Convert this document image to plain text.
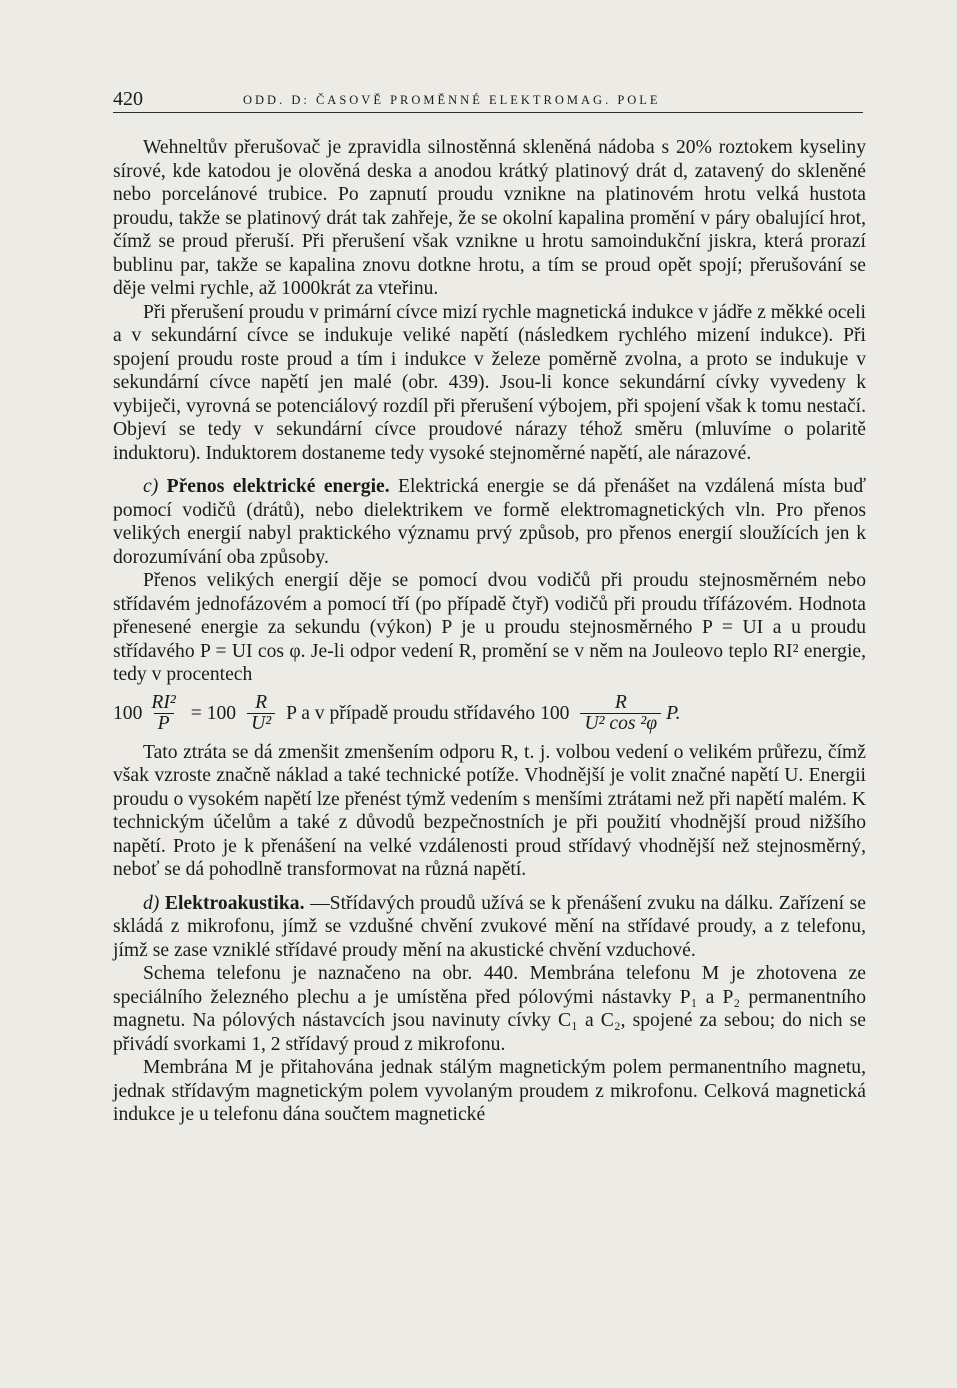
420	ODD. D: ČASOVĚ PROMĚNNÉ ELEKTROMAG. POLE

Wehneltův přerušovač je zpravidla silnostěnná skleněná nádoba s 20% roztokem kyseliny sírové, kde katodou je olověná deska a anodou krátký platinový drát d, zatavený do skleněné nebo porcelánové trubice. Po zapnutí proudu vznikne na platinovém hrotu velká hustota proudu, takže se platinový drát tak zahřeje, že se okolní kapalina promění v páry obalující hrot, čímž se proud přeruší. Při přerušení však vznikne u hrotu samoindukční jiskra, která prorazí bublinu par, takže se kapalina znovu dotkne hrotu, a tím se proud opět spojí; přerušování se děje velmi rychle, až 1000krát za vteřinu.

Při přerušení proudu v primární cívce mizí rychle magnetická indukce v jádře z měkké oceli a v sekundární cívce se indukuje veliké napětí (následkem rychlého mizení indukce). Při spojení proudu roste proud a tím i indukce v železe poměrně zvolna, a proto se indukuje v sekundární cívce napětí jen malé (obr. 439). Jsou-li konce sekundární cívky vyvedeny k vybiječi, vyrovná se potenciálový rozdíl při přerušení výbojem, při spojení však k tomu nestačí. Objeví se tedy v sekundární cívce proudové nárazy téhož směru (mluvíme o polaritě induktoru). Induktorem dostaneme tedy vysoké stejnoměrné napětí, ale nárazové.

c) Přenos elektrické energie. Elektrická energie se dá přenášet na vzdálená místa buď pomocí vodičů (drátů), nebo dielektrikem ve formě elektromagnetických vln. Pro přenos velikých energií nabyl praktického významu prvý způsob, pro přenos energií sloužících jen k dorozumívání oba způsoby.

Přenos velikých energií děje se pomocí dvou vodičů při proudu stejnosměrném nebo střídavém jednofázovém a pomocí tří (po případě čtyř) vodičů při proudu třífázovém. Hodnota přenesené energie za sekundu (výkon) P je u proudu stejnosměrného P = UI a u proudu střídavého P = UI cos φ. Je-li odpor vedení R, promění se v něm na Jouleovo teplo RI² energie, tedy v procentech

$100 \frac{\text{RI²}}{P} = 100 \frac{R}{\text{U²}}$ P a v případě proudu střídavého $100 \frac{R}{\text{U² cos ²φ}} P$.

Tato ztráta se dá zmenšit zmenšením odporu R, t. j. volbou vedení o velikém průřezu, čímž však vzroste značně náklad a také technické potíže. Vhodnější je volit značné napětí U. Energii proudu o vysokém napětí lze přenést týmž vedením s menšími ztrátami než při napětí malém. K technickým účelům a také z důvodů bezpečnostních je při použití vhodnější proud nižšího napětí. Proto je k přenášení na velké vzdálenosti proud střídavý vhodnější než stejnosměrný, neboť se dá pohodlně transformovat na různá napětí.

d) Elektroakustika. —Střídavých proudů užívá se k přenášení zvuku na dálku. Zařízení se skládá z mikrofonu, jímž se vzdušné chvění zvukové mění na střídavé proudy, a z telefonu, jímž se zase vzniklé střídavé proudy mění na akustické chvění vzduchové.

Schema telefonu je naznačeno na obr. 440. Membrána telefonu M je zhotovena ze speciálního železného plechu a je umístěna před pólovými nástavky P₁ a P₂ permanentního magnetu. Na pólových nástavcích jsou navinuty cívky C₁ a C₂, spojené za sebou; do nich se přivádí svorkami 1, 2 střídavý proud z mikrofonu.

Membrána M je přitahována jednak stálým magnetickým polem permanentního magnetu, jednak střídavým magnetickým polem vyvolaným proudem z mikrofonu. Celková magnetická indukce je u telefonu dána součtem magnetické
